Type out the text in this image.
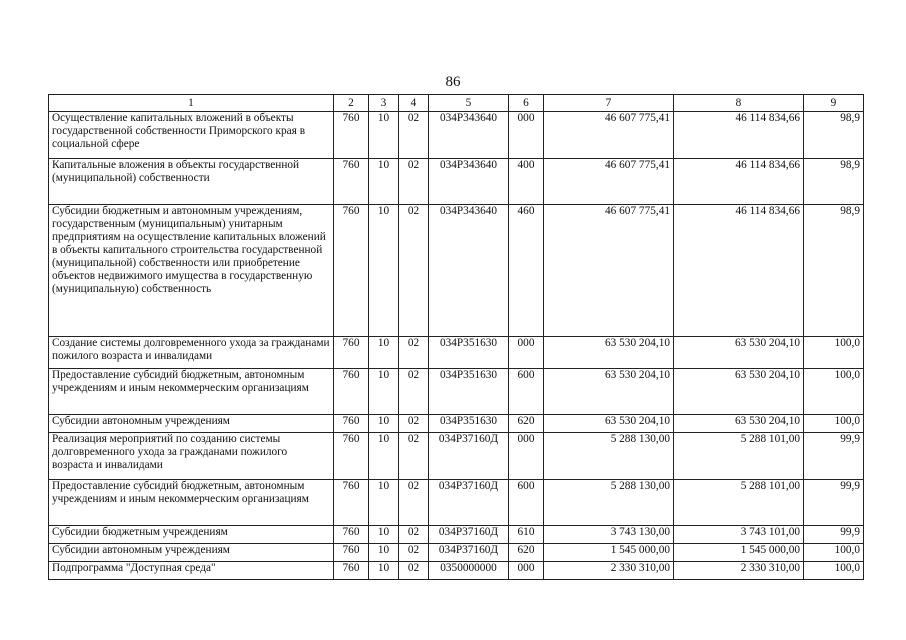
86
1	2	3	4	5	6	7	8	9
Осуществление капитальных вложений в объекты государственной собственности Приморского края в социальной сфере	760	10	02	034Р343640	000	46 607 775,41	46 114 834,66	98,9
Капитальные вложения в объекты государственной (муниципальной) собственности	760	10	02	034Р343640	400	46 607 775,41	46 114 834,66	98,9
Субсидии бюджетным и автономным учреждениям, государственным (муниципальным) унитарным предприятиям на осуществление капитальных вложений в объекты капитального строительства государственной (муниципальной) собственности или приобретение объектов недвижимого имущества в государственную (муниципальную) собственность	760	10	02	034Р343640	460	46 607 775,41	46 114 834,66	98,9
Создание системы долговременного ухода за гражданами пожилого возраста и инвалидами	760	10	02	034Р351630	000	63 530 204,10	63 530 204,10	100,0
Предоставление субсидий бюджетным, автономным учреждениям и иным некоммерческим организациям	760	10	02	034Р351630	600	63 530 204,10	63 530 204,10	100,0
Субсидии автономным учреждениям	760	10	02	034Р351630	620	63 530 204,10	63 530 204,10	100,0
Реализация мероприятий по созданию системы долговременного ухода за гражданами пожилого возраста и инвалидами	760	10	02	034Р37160Д	000	5 288 130,00	5 288 101,00	99,9
Предоставление субсидий бюджетным, автономным учреждениям и иным некоммерческим организациям	760	10	02	034Р37160Д	600	5 288 130,00	5 288 101,00	99,9
Субсидии бюджетным учреждениям	760	10	02	034Р37160Д	610	3 743 130,00	3 743 101,00	99,9
Субсидии автономным учреждениям	760	10	02	034Р37160Д	620	1 545 000,00	1 545 000,00	100,0
Подпрограмма "Доступная среда"	760	10	02	0350000000	000	2 330 310,00	2 330 310,00	100,0
